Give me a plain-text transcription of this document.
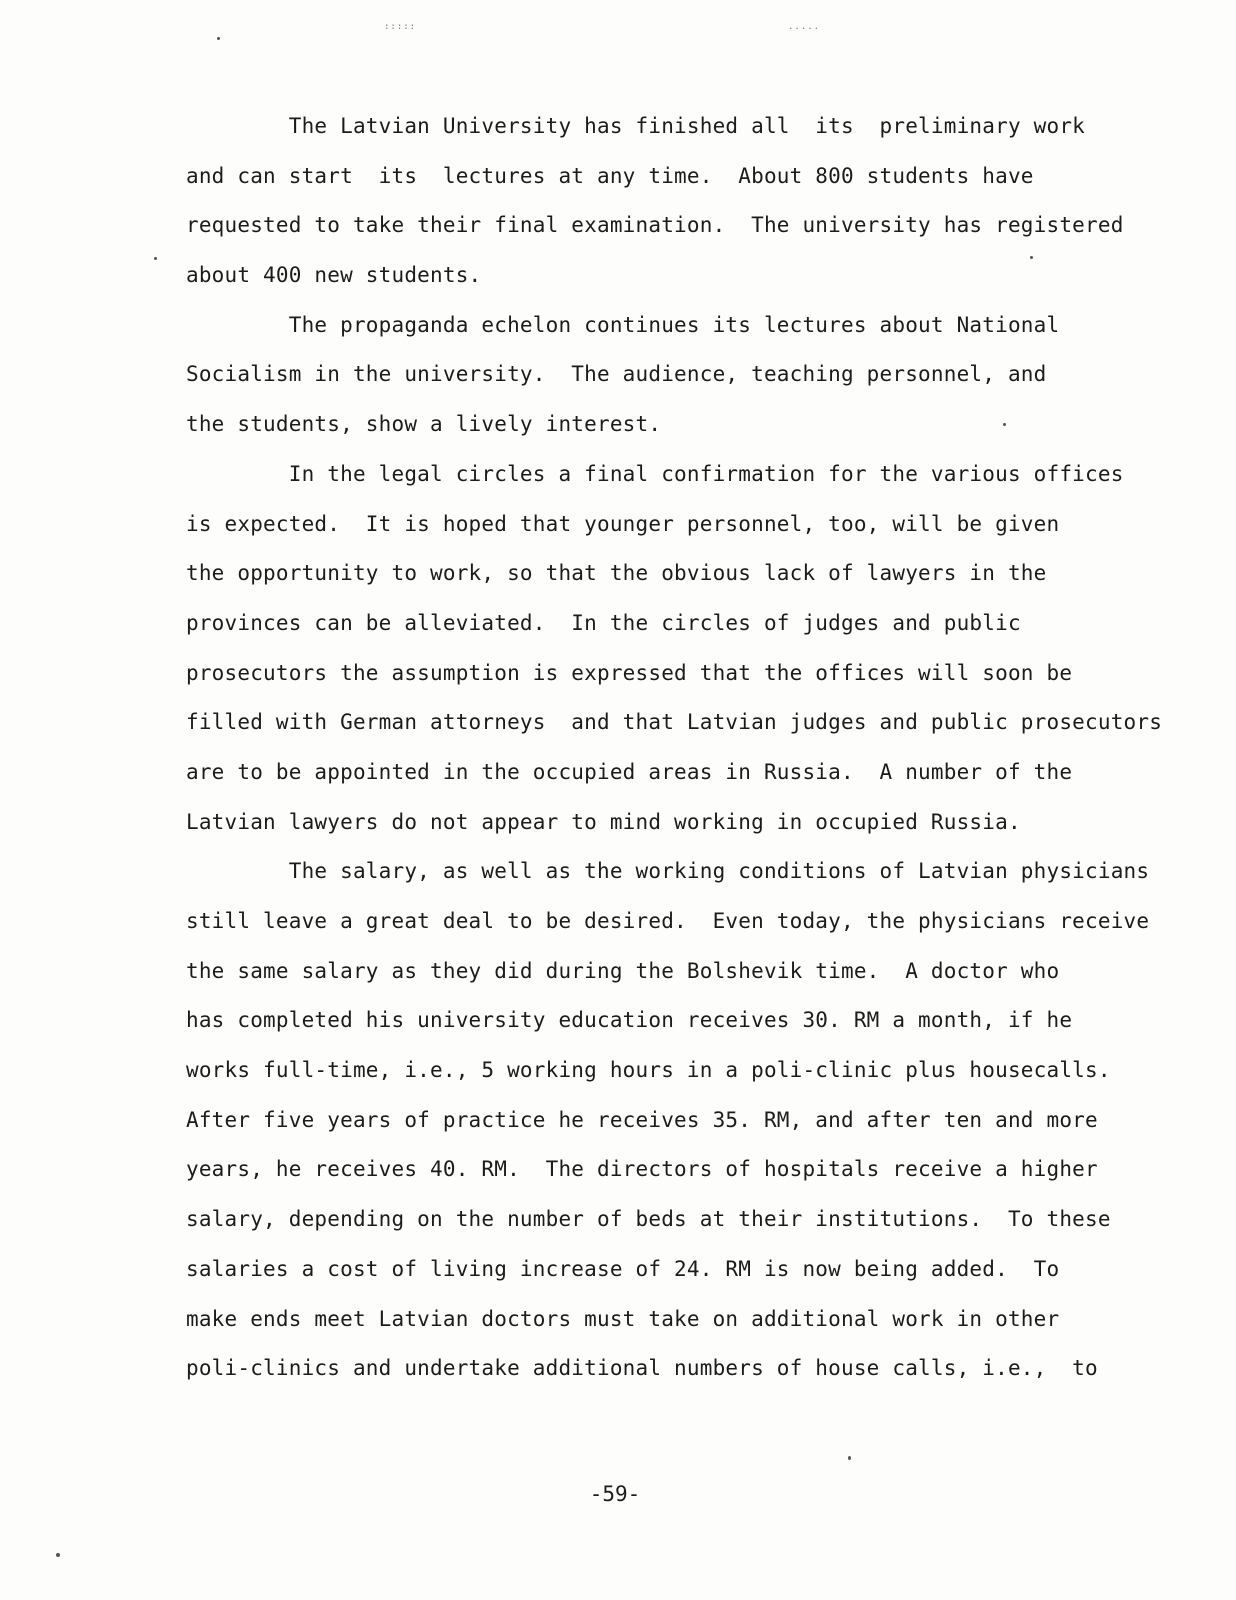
:::::	.....
The Latvian University has finished all  its  preliminary work
and can start  its  lectures at any time.  About 800 students have
requested to take their final examination.  The university has registered
about 400 new students.
The propaganda echelon continues its lectures about National
Socialism in the university.  The audience, teaching personnel, and
the students, show a lively interest.
In the legal circles a final confirmation for the various offices
is expected.  It is hoped that younger personnel, too, will be given
the opportunity to work, so that the obvious lack of lawyers in the
provinces can be alleviated.  In the circles of judges and public
prosecutors the assumption is expressed that the offices will soon be
filled with German attorneys  and that Latvian judges and public prosecutors
are to be appointed in the occupied areas in Russia.  A number of the
Latvian lawyers do not appear to mind working in occupied Russia.
The salary, as well as the working conditions of Latvian physicians
still leave a great deal to be desired.  Even today, the physicians receive
the same salary as they did during the Bolshevik time.  A doctor who
has completed his university education receives 30. RM a month, if he
works full-time, i.e., 5 working hours in a poli-clinic plus housecalls.
After five years of practice he receives 35. RM, and after ten and more
years, he receives 40. RM.  The directors of hospitals receive a higher
salary, depending on the number of beds at their institutions.  To these
salaries a cost of living increase of 24. RM is now being added.  To
make ends meet Latvian doctors must take on additional work in other
poli-clinics and undertake additional numbers of house calls, i.e.,  to
-59-
